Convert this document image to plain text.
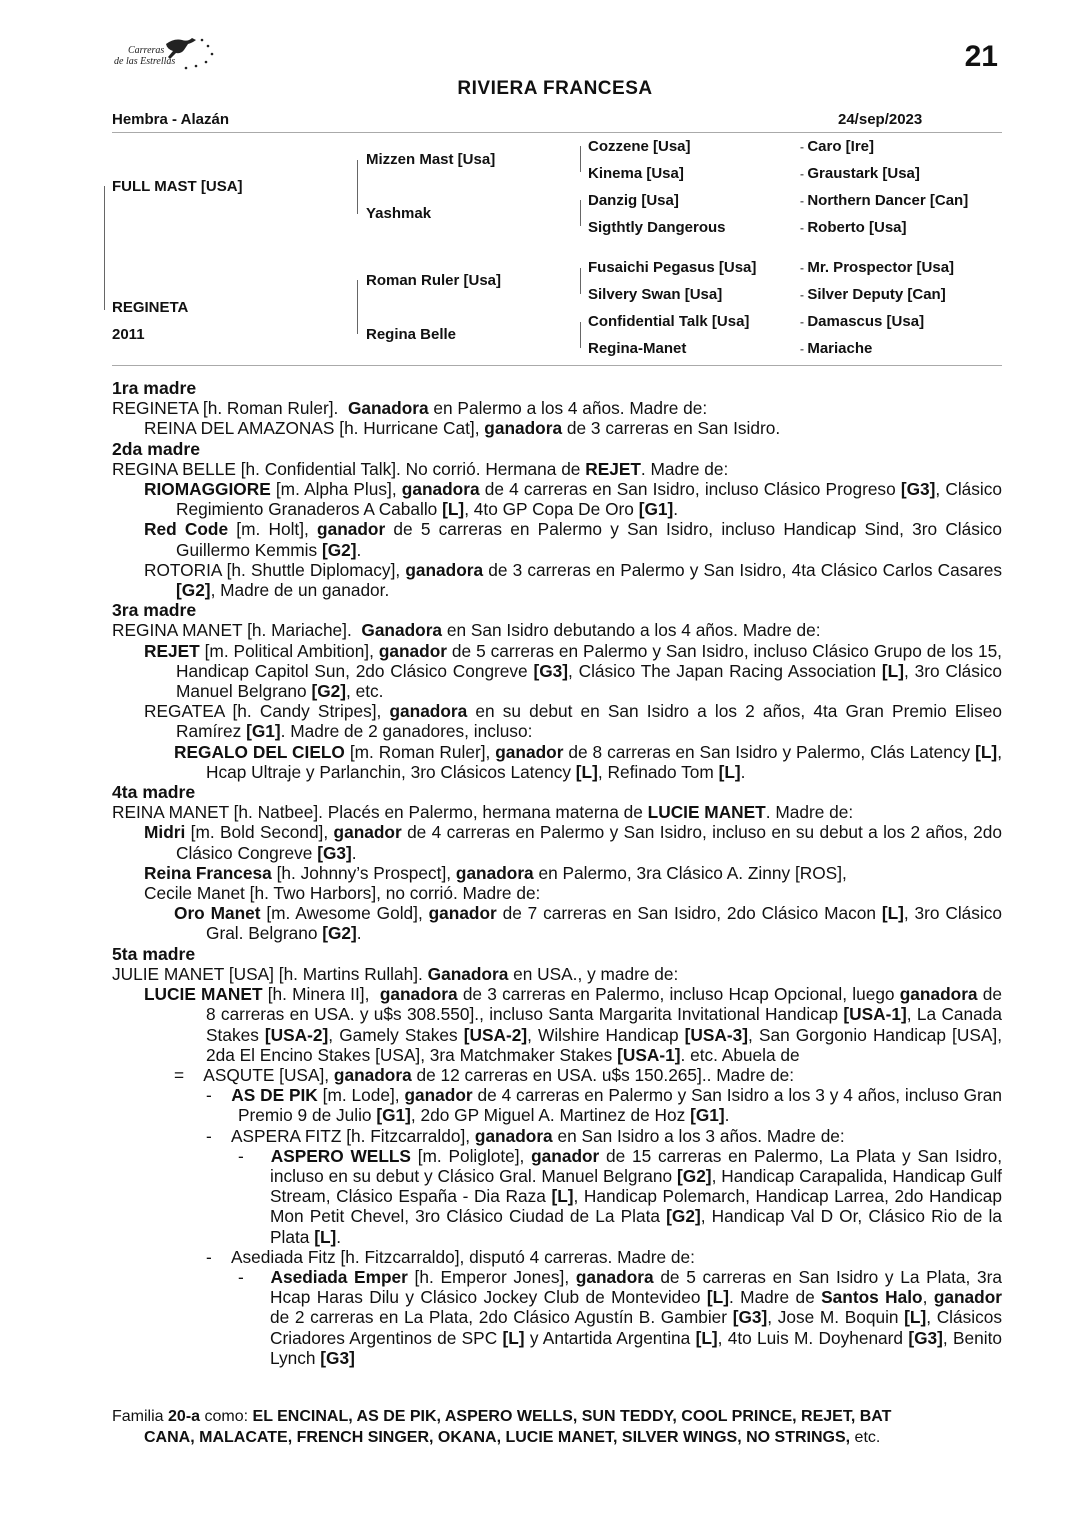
Carreras
de las Estrellas	21
RIVIERA FRANCESA
Hembra - Alazán	24/sep/2023
FULL MAST [USA]
REGINETA
2011
Mizzen Mast [Usa]
Yashmak
Roman Ruler [Usa]
Regina Belle
Cozzene [Usa]
Kinema [Usa]
Danzig [Usa]
Sigthtly Dangerous
Fusaichi Pegasus [Usa]
Silvery Swan [Usa]
Confidential Talk [Usa]
Regina-Manet
- Caro [Ire]
- Graustark [Usa]
- Northern Dancer [Can]
- Roberto [Usa]
- Mr. Prospector [Usa]
- Silver Deputy [Can]
- Damascus [Usa]
- Mariache

1ra madre

REGINETA [h. Roman Ruler].  Ganadora en Palermo a los 4 años. Madre de:

REINA DEL AMAZONAS [h. Hurricane Cat], ganadora de 3 carreras en San Isidro.

2da madre

REGINA BELLE [h. Confidential Talk]. No corrió. Hermana de REJET. Madre de:

RIOMAGGIORE [m. Alpha Plus], ganadora de 4 carreras en San Isidro, incluso Clásico Progreso [G3], Clásico Regimiento Granaderos A Caballo [L], 4to GP Copa De Oro [G1].

Red Code [m. Holt], ganador de 5 carreras en Palermo y San Isidro, incluso Handicap Sind, 3ro Clásico Guillermo Kemmis [G2].

ROTORIA [h. Shuttle Diplomacy], ganadora de 3 carreras en Palermo y San Isidro, 4ta Clásico Carlos Casares [G2], Madre de un ganador.

3ra madre

REGINA MANET [h. Mariache].  Ganadora en San Isidro debutando a los 4 años. Madre de:

REJET [m. Political Ambition], ganador de 5 carreras en Palermo y San Isidro, incluso Clásico Grupo de los 15, Handicap Capitol Sun, 2do Clásico Congreve [G3], Clásico The Japan Racing Association [L], 3ro Clásico Manuel Belgrano [G2], etc.

REGATEA [h. Candy Stripes], ganadora en su debut en San Isidro a los 2 años, 4ta Gran Premio Eliseo Ramírez [G1]. Madre de 2 ganadores, incluso:

REGALO DEL CIELO [m. Roman Ruler], ganador de 8 carreras en San Isidro y Palermo, Clás Latency [L], Hcap Ultraje y Parlanchin, 3ro Clásicos Latency [L], Refinado Tom [L].

4ta madre

REINA MANET [h. Natbee]. Placés en Palermo, hermana materna de LUCIE MANET. Madre de:

Midri [m. Bold Second], ganador de 4 carreras en Palermo y San Isidro, incluso en su debut a los 2 años, 2do Clásico Congreve [G3].

Reina Francesa [h. Johnny’s Prospect], ganadora en Palermo, 3ra Clásico A. Zinny [ROS],

Cecile Manet [h. Two Harbors], no corrió. Madre de:

Oro Manet [m. Awesome Gold], ganador de 7 carreras en San Isidro, 2do Clásico Macon [L], 3ro Clásico Gral. Belgrano [G2].

5ta madre

JULIE MANET [USA] [h. Martins Rullah]. Ganadora en USA., y madre de:

LUCIE MANET [h. Minera II],  ganadora de 3 carreras en Palermo, incluso Hcap Opcional, luego ganadora de 8 carreras en USA. y u$s 308.550]., incluso Santa Margarita Invitational Handicap [USA-1], La Canada Stakes [USA-2], Gamely Stakes [USA-2], Wilshire Handicap [USA-3], San Gorgonio Handicap [USA], 2da El Encino Stakes [USA], 3ra Matchmaker Stakes [USA-1]. etc. Abuela de

=    ASQUTE [USA], ganadora de 12 carreras en USA. u$s 150.265].. Madre de:

-    AS DE PIK [m. Lode], ganador de 4 carreras en Palermo y San Isidro a los 3 y 4 años, incluso Gran Premio 9 de Julio [G1], 2do GP Miguel A. Martinez de Hoz [G1].

-    ASPERA FITZ [h. Fitzcarraldo], ganadora en San Isidro a los 3 años. Madre de:

-    ASPERO WELLS [m. Poliglote], ganador de 15 carreras en Palermo, La Plata y San Isidro, incluso en su debut y Clásico Gral. Manuel Belgrano [G2], Handicap Carapalida, Handicap Gulf Stream, Clásico España - Dia Raza [L], Handicap Polemarch, Handicap Larrea, 2do Handicap Mon Petit Chevel, 3ro Clásico Ciudad de La Plata [G2], Handicap Val D Or, Clásico Rio de la Plata [L].

-    Asediada Fitz [h. Fitzcarraldo], disputó 4 carreras. Madre de:

-    Asediada Emper [h. Emperor Jones], ganadora de 5 carreras en San Isidro y La Plata, 3ra Hcap Haras Dilu y Clásico Jockey Club de Montevideo [L]. Madre de Santos Halo, ganador de 2 carreras en La Plata, 2do Clásico Agustín B. Gambier [G3], Jose M. Boquin [L], Clásicos Criadores Argentinos de SPC [L] y Antartida Argentina [L], 4to Luis M. Doyhenard [G3], Benito Lynch [G3]

Familia 20-a como: EL ENCINAL, AS DE PIK, ASPERO WELLS, SUN TEDDY, COOL PRINCE, REJET, BAT
CANA, MALACATE, FRENCH SINGER, OKANA, LUCIE MANET, SILVER WINGS, NO STRINGS, etc.
